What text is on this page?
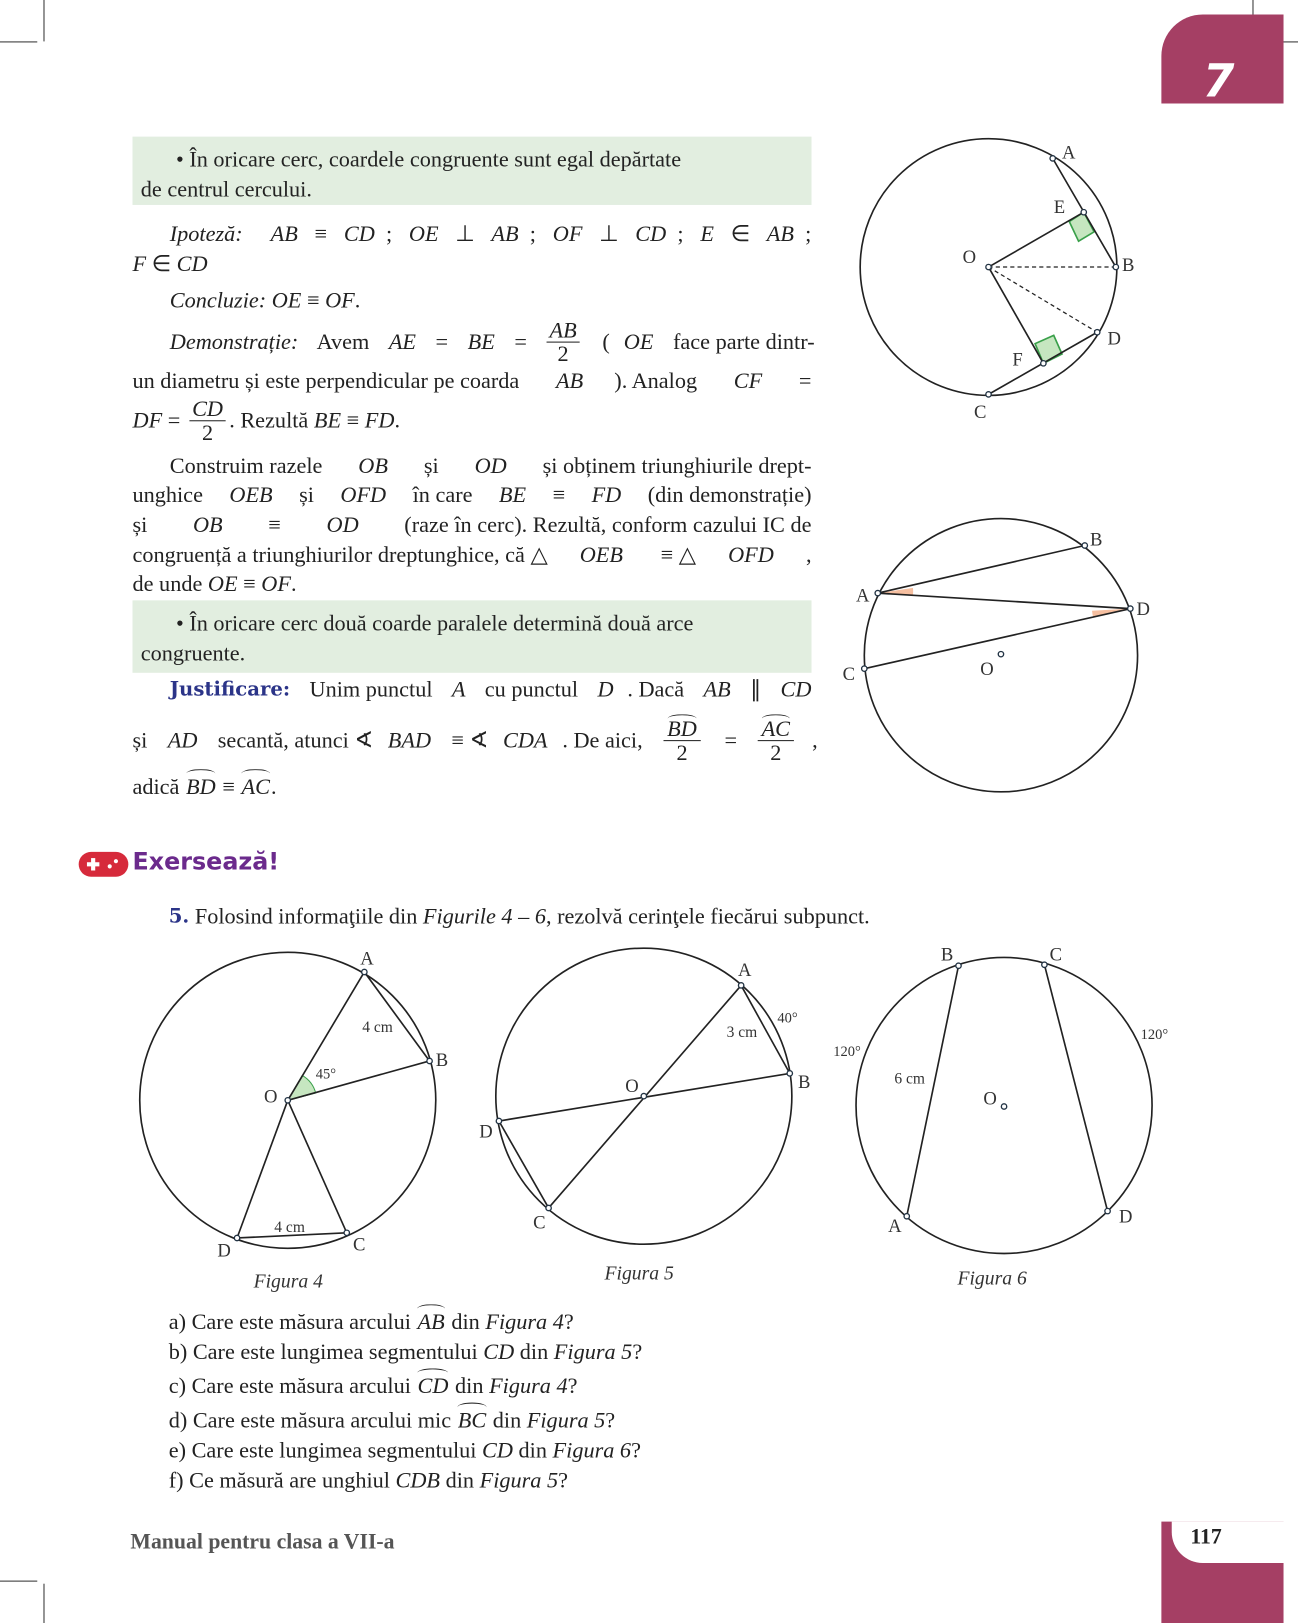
7
117
Manual pentru clasa a VII-a
• În oricare cerc, coardele congruente sunt egal depărtate
de centrul cercului.
Ipoteză:
AB ≡ CD ; OE ⊥ AB ; OF ⊥ CD ; E ∈ AB ;
F ∈ CD
Concluzie: OE ≡ OF .
Demonstrație: Avem AE = BE = $\frac{AB}{2}$ ( OE face parte dintr-
un diametru și este perpendicular pe coarda AB ). Analog CF =
DF = $\frac{CD}{2}$ . Rezultă BE ≡ FD .
Construim razele OB și OD și obținem triunghiurile drept-
unghice OEB și OFD în care BE ≡ FD (din demonstrație)
și OB ≡ OD (raze în cerc). Rezultă, conform cazului IC de
congruență a triunghiurilor dreptunghice, că △ OEB ≡ △ OFD ,
de unde OE ≡ OF .
• În oricare cerc două coarde paralele determină două arce
congruente.
Justificare: Unim punctul A cu punctul D . Dacă AB ∥ CD
și AD secantă, atunci ∢ BAD ≡ ∢ CDA . De aici, $\frac{BD}{2} = \frac{AC}{2}$ ,
adică BD ≡ AC .
Exersează!
5. Folosind informaţiile din Figurile 4 – 6 , rezolvă cerinţele fiecărui subpunct.
a) Care este măsura arcului AB din Figura 4 ?
b) Care este lungimea segmentului CD din Figura 5 ?
c) Care este măsura arcului CD din Figura 4 ?
d) Care este măsura arcului mic BC din Figura 5 ?
e) Care este lungimea segmentului CD din Figura 6 ?
f) Ce măsură are unghiul CDB din Figura 5 ?
A
E
O	B
D
F
C
A
B
D
C	O
A
B
C
D
O
4 cm
45°
4 cm
Figura 4
A
B
C
D
O
3 cm
40°
Figura 5
B	C
A	D
O
120°
120°
6 cm
Figura 6
